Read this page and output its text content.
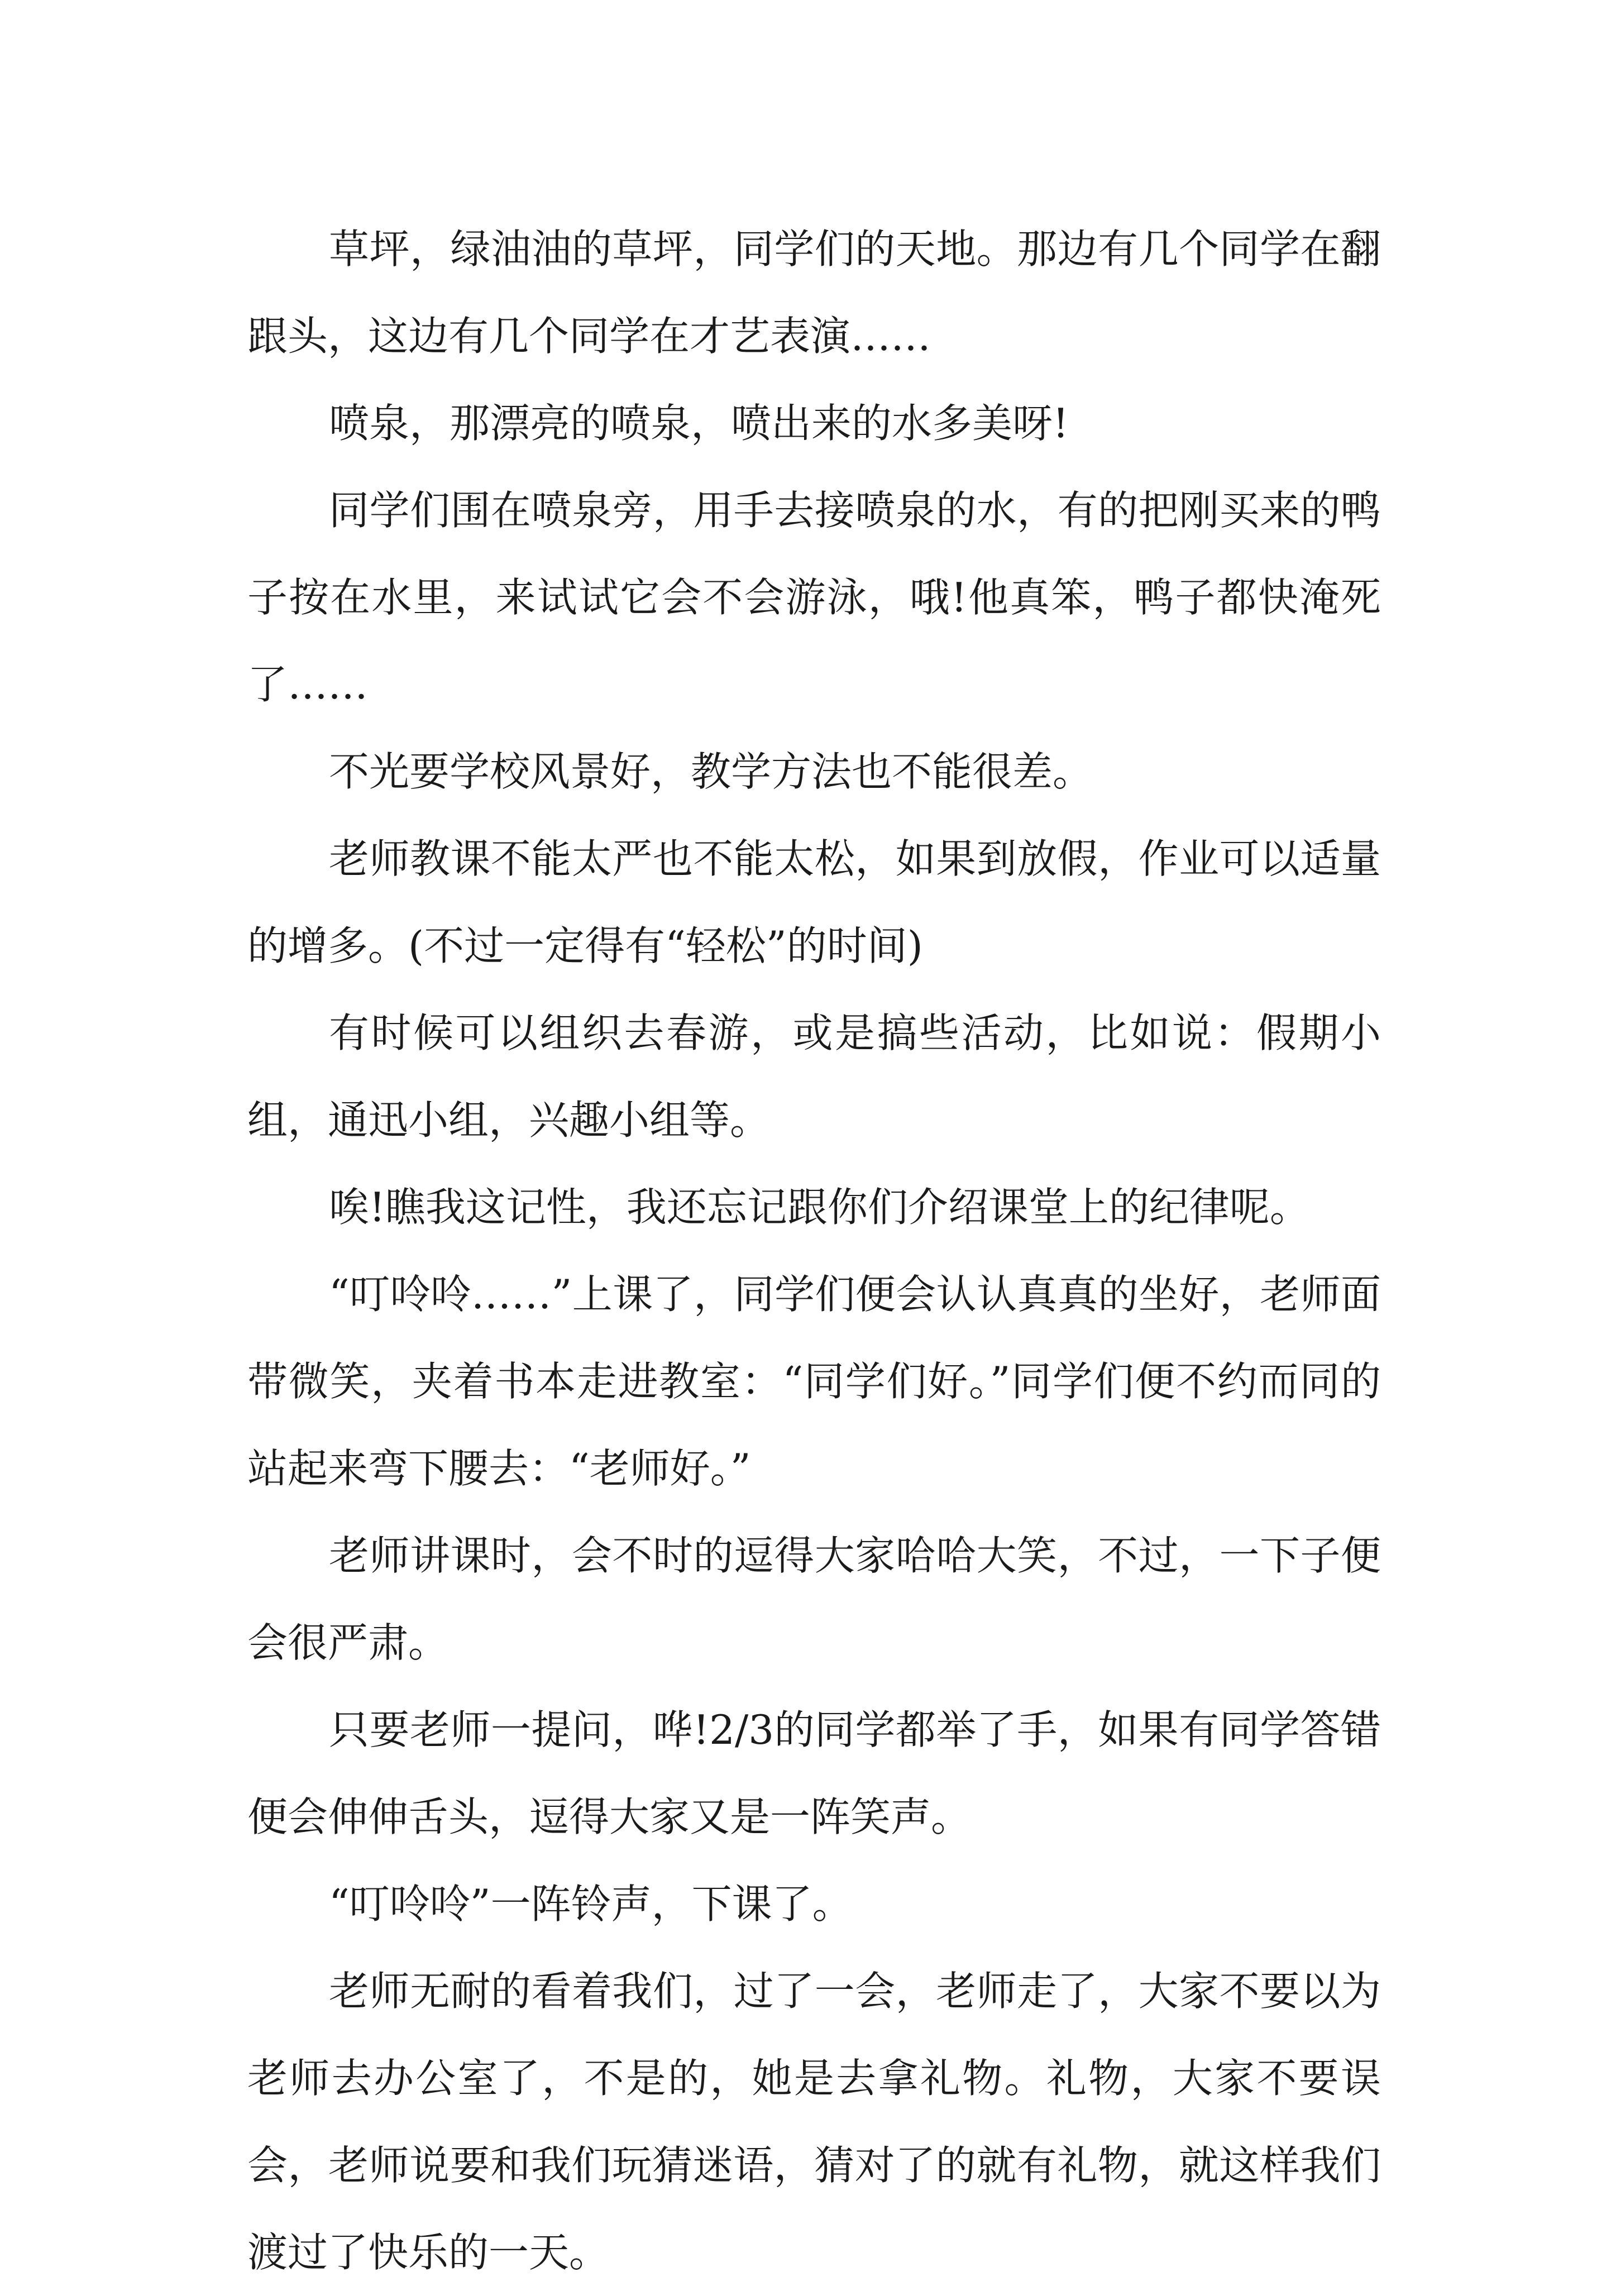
草坪，绿油油的草坪，同学们的天地。那边有几个同学在翻跟头，这边有几个同学在才艺表演……

喷泉，那漂亮的喷泉，喷出来的水多美呀!

同学们围在喷泉旁，用手去接喷泉的水，有的把刚买来的鸭子按在水里，来试试它会不会游泳，哦!他真笨，鸭子都快淹死了……

不光要学校风景好，教学方法也不能很差。

老师教课不能太严也不能太松，如果到放假，作业可以适量的增多。(不过一定得有“轻松”的时间)

有时候可以组织去春游，或是搞些活动，比如说：假期小组，通迅小组，兴趣小组等。

唉!瞧我这记性，我还忘记跟你们介绍课堂上的纪律呢。

“叮呤呤……”上课了，同学们便会认认真真的坐好，老师面带微笑，夹着书本走进教室：“同学们好。”同学们便不约而同的站起来弯下腰去：“老师好。”

老师讲课时，会不时的逗得大家哈哈大笑，不过，一下子便会很严肃。

只要老师一提问，哗!2/3的同学都举了手，如果有同学答错便会伸伸舌头，逗得大家又是一阵笑声。

“叮呤呤”一阵铃声，下课了。

老师无耐的看着我们，过了一会，老师走了，大家不要以为老师去办公室了，不是的，她是去拿礼物。礼物，大家不要误会，老师说要和我们玩猜迷语，猜对了的就有礼物，就这样我们渡过了快乐的一天。
